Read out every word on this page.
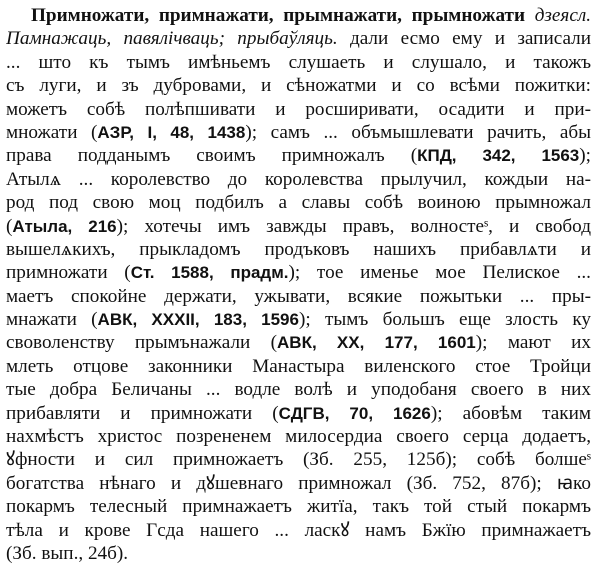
Примножати, примнажати, прымнажати, прымножати дзеясл.
Памнажаць, павялічваць; прыбаўляць. дали есмо ему и записали
... што къ тымъ имѣньемъ слушаеть и слушало, и такожъ
съ луги, и зъ дубровами, и сѣножатми и со всѣми пожитки:
можетъ собѣ полѣпшивати и росширивати, осадити и при-
множати (АЗР, I, 48, 1438); самъ ... объмышлевати рачить, абы
права подданымъ своимъ примножалъ (КПД, 342, 1563);
Атылѧ ... королевство до королевства прылучил, кождыи на-
род под свою моц подбилъ а славы собѣ воиною прымножал
(Атыла, 216); хотечы имъ завжды правъ, волностеˢ, и свобод
вышелѧкихъ, прыкладомъ продъковъ нашихъ прибавлѧти и
примножати (Ст. 1588, прадм.); тое именье мое Пелиское ...
маетъ спокойне держати, ужывати, всякие пожытьки ... пры-
мнажати (АВК, XXXII, 183, 1596); тымъ большъ еще злость ку
своволенству прымънажали (АВК, XX, 177, 1601); мают их
млеть отцове законники Манастыра виленского стое Тройци
тые добра Беличаны ... водле волѣ и уподобаня своего в них
прибавляти и примножати (СДГВ, 70, 1626); абовѣм таким
нахмѣстъ христос позрененем милосердиа своего серца додаетъ,
ꙋфности и сил примножаетъ (Зб. 255, 125б); собѣ болшеˢ
богатства нѣнаго и дꙋшевнаго примножал (Зб. 752, 87б); ꙗко
покармъ телесный примнажаетъ житїа, такъ той стый покармъ
тѣла и крове Гсда нашего ... ласкꙋ намъ Бжїю примнажаетъ
(Зб. вып., 24б).
